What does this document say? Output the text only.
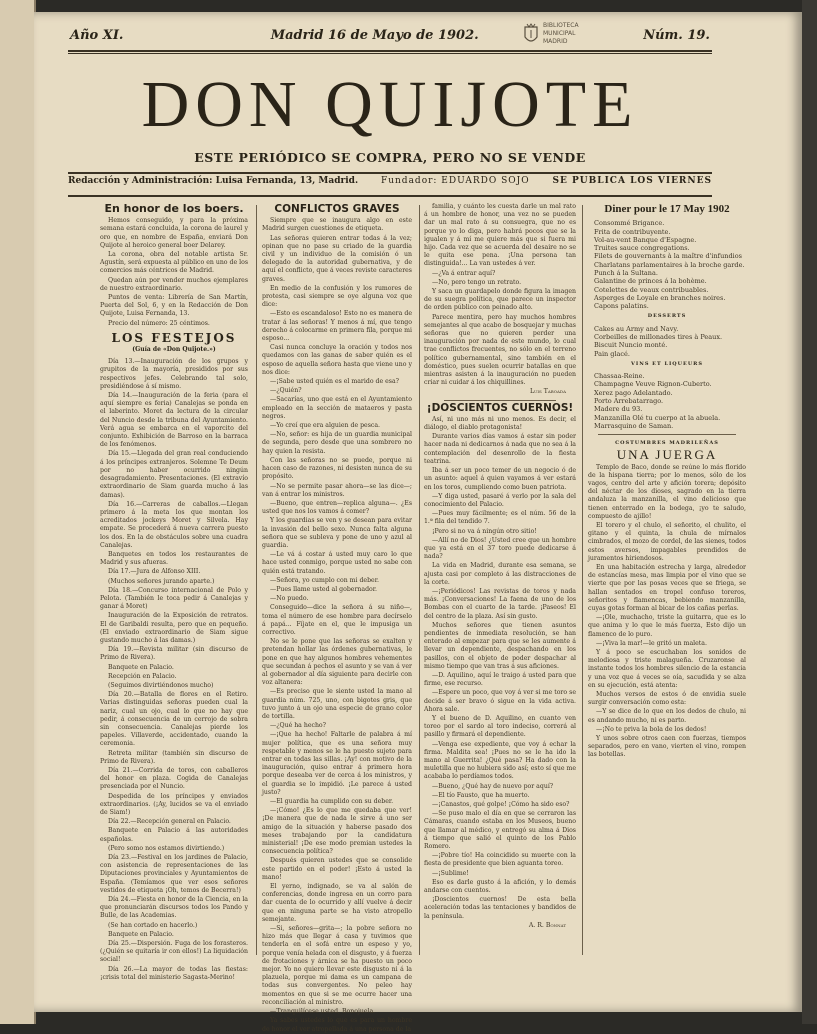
Año XI.	Madrid 16 de Mayo de 1902.	Núm. 19.
BIBLIOTECA
MUNICIPAL
MADRID
DON QUIJOTE
ESTE PERIÓDICO SE COMPRA, PERO NO SE VENDE
Redacción y Administración: Luisa Fernanda, 13, Madrid.	Fundador: EDUARDO SOJO	SE PUBLICA LOS VIERNES
En honor de los boers.

Hemos conseguido, y para la próxima semana estará concluida, la corona de laurel y oro que, en nombre de España, enviará Don Quijote al heroico general boer Delarey.

La corona, obra del notable artista Sr. Agustín, será expuesta al público en uno de los comercios más céntricos de Madrid.

Quedan aún por vender muchos ejemplares de nuestro extraordinario.

Puntos de venta: Librería de San Martín, Puerta del Sol, 6, y en la Redacción de Don Quijote, Luisa Fernanda, 13.

Precio del número: 25 céntimos.

LOS FESTEJOS
(Guía de «Don Quijote.»)

Día 13.—Inauguración de los grupos y grupitos de la mayoría, presididos por sus respectivos jefes. Celebrando tal solo, presidiéndose á sí mismo.

Día 14.—Inauguración de la feria (para el aquí siempre es feria) Canalejas se ponda en el laberinto. Moret da lectura de la circular del Nuncio desde la tribuna del Ayuntamiento. Verá agua se embarca en el vaporcito del conjunto. Exhibición de Barroso en la barraca de los fenómenos.

Día 15.—Llegada del gran real conduciendo á los príncipes extranjeros. Solemne Te Deum por no haber ocurrido ningún desagradamiento. Presentaciones. (El extravío extraordinario de Siam guarda mucho á las damas).

Día 16.—Carreras de caballos.—Llegan primero á la meta los que montan los acreditados jockeys Moret y Silvela. Hay empate. Se procederá á nueva carrera puesto los dos. En la de obstáculos sobre una cuadra Canalejas.

Banquetes en todos los restaurantes de Madrid y sus afueras.

Día 17.—Jura de Alfonso XIII.

(Muchos señores jurando aparte.)

Día 18.—Concurso internacional de Polo y Pelota. (También le toca pedir á Canalejas y ganar á Moret)

Inauguración de la Exposición de retratos. El de Garibaldi resulta, pero que en pequeño. (El enviado extraordinario de Siam sigue gustando mucho á las damas.)

Día 19.—Revista militar (sin discurso de Primo de Rivera).

Banquete en Palacio.

Recepción en Palacio.

(Seguimos divirtiéndonos mucho)

Día 20.—Batalla de flores en el Retiro. Varias distinguidas señoras pueden cual la nariz, cual un ojo, cual lo que no hay que pedir, á consecuencia de un cerrojo de sobra sin consecuencia. Canalejas pierde los papeles. Villaverde, accidentado, cuando la ceremonia.

Retreta militar (también sin discurso de Primo de Rivera).

Día 21.—Corrida de toros, con caballeros del honor en plaza. Cogida de Canalejas presenciada por el Nuncio.

Despedida de los príncipes y enviados extraordinarios. (¡Ay, lucidos se va el enviado de Siam!)

Día 22.—Recepción general en Palacio.

Banquete en Palacio á las autoridades españolas.

(Pero somo nos estamos divirtiendo.)

Día 23.—Festival en los jardines de Palacio, con asistencia de representaciones de las Diputaciones provinciales y Ayuntamientos de España. (Temíamos que ver esos señores vestidos de etiqueta ¡Oh, temos de Becerra!)

Día 24.—Fiesta en honor de la Ciencia, en la que pronunciarán discursos todos los Pando y Bulle, de las Academias.

(Se han cortado en hacerlo.)

Banquete en Palacio.

Día 25.—Dispersión. Fuga de los forasteros. (¿Quién se quitaría ir con ellos!) La liquidación social!

Día 26.—La mayor de todas las fiestas: ¡crisis total del ministerio Sagasta-Merino!

CONFLICTOS GRAVES

Siempre que se inaugura algo en este Madrid surgen cuestiones de etiqueta.

Las señoras quieren entrar todas á la vez; opinan que no pase su criado de la guardia civil y un individuo de la comisión ó un delegado de la autoridad gubernativa, y de aquí el conflicto, que á veces reviste caracteres graves.

En medio de la confusión y los rumores de protesta, casi siempre se oye alguna voz que dice:

—Esto es escandaloso! Esto no es manera de tratar á las señoras! Y menos á mí, que tengo derecho á colocarme en primera fila, porque mi esposo...

Casi nunca concluye la oración y todos nos quedamos con las ganas de saber quién es el esposo de aquella señora hasta que viene uno y nos dice:

—¡Sabe usted quién es el marido de esa?

—¿Quién?

—Sacarías, uno que está en el Ayuntamiento empleado en la sección de mataeros y pasta negros.

—Yo creí que era alguien de pesca.

—No, señor: es hija de un guardia municipal de segunda, pero desde que una sombrero no hay quien la resista.

Con las señoras no se puede, porque ni hacen caso de razones, ni desisten nunca de su propósito.

—No se permite pasar ahora—se las dice—; van á entrar los ministros.

—Bueno, que entren—replica alguna—. ¿Es usted que nos los vamos á comer?

Y los guardias se ven y se desean para evitar la invasión del bello sexo. Nunca falta alguna señora que se subleva y pone de uno y azul al guardia.

—Le vá á costar á usted muy caro lo que hace usted conmigo, porque usted no sabe con quién está tratando.

—Señora, yo cumplo con mi deber.

—Pues llame usted al gobernador.

—No puedo.

Conseguido—dice la señora á su niño—, toma el número de ese hombre para decírselo á papá... Fíjate en el, que le impusiga un correctivo.

No se le pone que las señoras se exalten y pretendan hollar las órdenes gubernativas, le pone en que hay algunos hombres vehementes que secundan á pechos el asunto y se van á ver al gobernador al día siguiente para decirle con voz altanera:

—Es preciso que le siente usted la mano al guardia núm. 725, uno, con bigotes gris, que tuvo junto á un ojo una especie de grano color de tortilla.

—¿Qué ha hecho?

—¡Que ha hecho! Faltarle de palabra á mí mujer política, que es una señora muy respetable y menos se le ha puesto sujeto para entrar en todas las sillas. ¡Ay! con motivo de la inauguración, quiso entrar á primera hora porque deseaba ver de cerca á los ministros, y el guardia se lo impidió. ¡Le parece á usted justo?

—El guardia ha cumplido con su deber.

—¡Cómo! ¿Es lo que me quedaba que ver! ¡De manera que de nada le sirve á uno ser amigo de la situación y haberse pasado dos meses trabajando por la candidatura ministerial! ¡De ese modo premian ustedes la consecuencia política?

Después quieren ustedes que se consolide este partido en el poder! ¡Esto á usted la mano!

El yerno, indignado, se va al salón de conferencias, donde ingresa en un corro para dar cuenta de lo ocurrido y allí vuelve á decir que en ninguna parte se ha visto atropello semejante.

—Si, señores—grita—; la pobre señora no hizo más que llegar á casa y tuvimos que tenderla en el sofá entre un espeso y yo, porque venía helada con el disgusto, y á fuerza de frotaciones y árnica se ha puesto un poco mejor. Yo no quiero llevar este disgusto ni á la plazuela, porque mi dama es un campana de todas sus convergentes. No peleo hay momentos en que si se me ocurre hacer una reconciliación al ministro.

—Tranquilícese usted, Bonojuela.

Ya sabes ustedes lo que es para un hombre de honor el ver atropellada á una persona de la

familia, y cuánto les cuesta darle un mal rato á un hombre de honor, una vez no se pueden dar un mal rato á su consuegra, que no es porque yo lo diga, pero habrá pocos que se la igualen y á mí me quiere más que si fuera mi hijo. Cada vez que se acuerda del desaire no se le quita ese pena. ¡Una persona tan distinguida!... La van ustedes á ver.

—¿Va á entrar aquí?

—No, pero tengo un retrato.

Y saca un guardapelo donde figura la imagen de su suegra política, que parece un inspector de orden público con peinado alto.

Parece mentira, pero hay muchos hombres semejantes al que acabo de bosquejar y muchas señoras que no quieren perder una inauguración por nada de este mundo, lo cual trae conflictos frecuentes, no sólo en el terreno político gubernamental, sino también en el doméstico, pues suelen ocurrir batallas en que mientras asisten á la inauguración no pueden criar ni cuidar á los chiquillines.

Luis Taboada
¡DOSCIENTOS CUERNOS!

Así, ni uno más ni uno menos. Es decir, el diálogo, el diablo protagonista!

Durante varios días vamos á estar sin poder hacer nada ni dedicarnos á nada que no sea á la contemplación del desenrollo de la fiesta teatrina.

Iba á ser un poco temer de un negocio ó de un asunto: aquel á quien vayamos á ver estará en los toros, cumpliendo como buen patriota.

—Y diga usted, pasaré á verlo por la sala del conocimiento del Palacio.

—Pues muy fácilmente; es el núm. 56 de la 1.ª fila del tendido 7.

¡Pero si no va á ningún otro sitio!

—Allí no de Dios! ¿Usted cree que un hombre que ya está en el 37 toro puede dedicarse á nada?

La vida en Madrid, durante esa semana, se ajusta casi por completo á las distracciones de la corte.

—¡Periódicos! Las revistas de toros y nada más. ¡Conversaciones! La faena de uno de los Bombas con el cuarto de la tarde. ¡Paseos! El del centro de la plaza. Así sin gusto.

Muchos señores que tienen asuntos pendientes de inmediata resolución, se han enterado al empezar para que se les aumente á llevar un dependiente, despachando en los pasillos, con el objeto de poder despachar al mismo tiempo que van tras á sus aficiones.

—D. Aquilino, aquí le traigo á usted para que firme, ese recurso.

—Espere un poco, que voy á ver si me toro se decide á ser bravo ó sigue en la vida activa. Ahora sale.

Y el bueno de D. Aquilino, en cuanto ven toreo por el sardo al toro indeciso, correrá al pasillo y firmará el dependiente.

—Venga ese expediente, que voy á echar la firma. Maldita sea! ¡Pues no se le ha ido la mano al Guerrita! ¿Qué pasa? Ha dado con la muletilla que no hubiera sido así; esto sí que me acababa lo perdíamos todos.

—Bueno, ¿Qué hay de nuevo por aquí?

—El tío Fausto, que ha muerto.

—¡Canastos, qué golpe! ¡Cómo ha sido eso?

—Se puso malo el día en que se cerraron las Cámaras, cuando estaba en los Museos, bueno que llamar al médico, y entregó su alma á Dios á tiempo que salió el quinto de los Pablo Romero.

—¡Pobre tío! Ha coincidido su muerte con la fiesta de presidente que bien aguanta toreo.

—¡Sublime!

Eso es darle gusto á la afición, y lo demás andarse con cuentos.

¡Doscientos cuernos! De esta bella aceleración todas las tentaciones y bandidos de la península.

A. R. Bonnat
Diner pour le 17 May 1902
Consommé Brigance.
Frita de contribuyente.
Vol-au-vent Banque d'Espagne.
Truites sauce congregations.
Filets de gouvernants à la maître d'infundios
Charlatans parlamentaires à la broche garde.
Punch á la Sultana.
Galantine de princes á la bohème.
Cotelettes de veaux contribuables.
Asperges de Loyale en branches noires.
Capons palatins.
DESSERTS
Cakes au Army and Navy.
Corbeilles de millonades tires à Peaux.
Biscuit Nuncio monté.
Pain glacé.
VINS ET LIQUEURS
Chassaa-Reine.
Champagne Veuve Rignon-Cuberto.
Xerez pago Adelantado.
Porto Arrebatarrago.
Madere du 93.
Manzanilla Olé tu cuerpo at la abuela.
Marrasquino de Saman.
COSTUMBRES MADRILEÑAS
UNA JUERGA

Templo de Baco, donde se reúne lo más florido de la hispana tierra; por lo menos, sólo de los vagos, centro del arte y afición torera; depósito del néctar de los dioses, sagrado en la tierra andaluza la manzanilla, el vino delicioso que tienen enterrado en la bodega, ¡yo te saludo, compuesto de ajillo!

El torero y el chulo, el señorito, el chulito, el gitano y el quinta, la chula de mírnalos cimbrados, el mozo de cordel, de las sienes, todos estos aversos, impagables prendidos de juramentos hiriendosos.

En una habitación estrecha y larga, alrededor de estancías mesa, mas limpia por el vino que se vierte que por las posas veces que se friega, se hallan sentados en tropel confuso toreros, señoritos y flamencas, bebiendo manzanilla, cuyas gotas forman al bicar de los cañas perlas.

—¡Ole, muchacho, triste la guitarra, que es lo que anima y lo que le más fuerza, Esto dijo un flamenco de lo puro.

—¡Viva la mar!—le gritó un maleta.

Y á poco se escuchaban los sonidos de melodiosa y triste malagueña. Cruzaronse al instante todos los hombres silencio de la estancia y una voz que á veces se oía, sacudida y se alza en su ejecución, está atenta:

Muchos versos de estos ó de envidia suele surgir conversación como esta:

—Y se dice de lo que en los dedos de chulo, ni es andando mucho, ni es parto.

—¡No te priva la bola de los dedos!

Y unos sobre otros caen con fuerzas, tiempos separados, pero en vano, vierten el vino, rompen las botellas.
